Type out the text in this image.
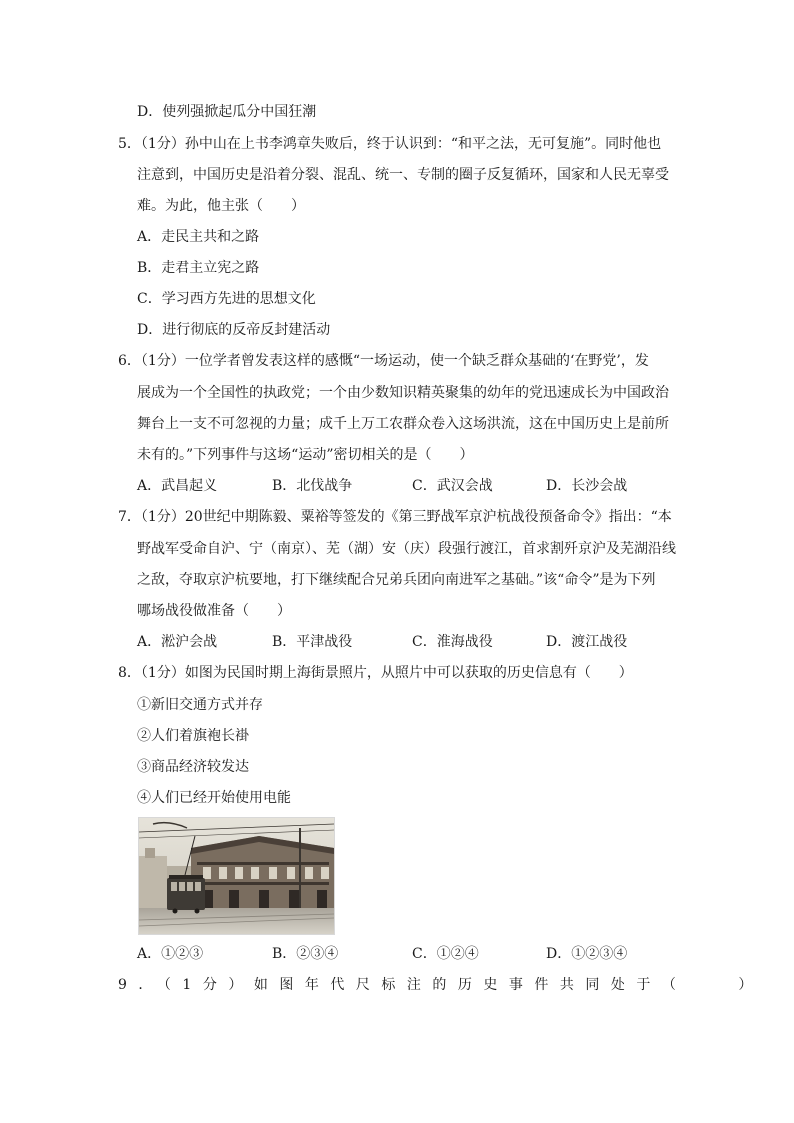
D．使列强掀起瓜分中国狂潮
5．（1分）孙中山在上书李鸿章失败后，终于认识到：“和平之法，无可复施”。同时他也
注意到，中国历史是沿着分裂、混乱、统一、专制的圈子反复循环，国家和人民无辜受
难。为此，他主张（　　）
A．走民主共和之路
B．走君主立宪之路
C．学习西方先进的思想文化
D．进行彻底的反帝反封建活动
6．（1分）一位学者曾发表这样的感慨“一场运动，使一个缺乏群众基础的‘在野党’，发
展成为一个全国性的执政党；一个由少数知识精英聚集的幼年的党迅速成长为中国政治
舞台上一支不可忽视的力量；成千上万工农群众卷入这场洪流，这在中国历史上是前所
未有的。”下列事件与这场“运动”密切相关的是（　　）
A．武昌起义	B．北伐战争	C．武汉会战	D．长沙会战
7．（1分）20世纪中期陈毅、粟裕等签发的《第三野战军京沪杭战役预备命令》指出：“本
野战军受命自沪、宁（南京）、芜（湖）安（庆）段强行渡江，首求割歼京沪及芜湖沿线
之敌，夺取京沪杭要地，打下继续配合兄弟兵团向南进军之基础。”该“命令”是为下列
哪场战役做准备（　　）
A．淞沪会战	B．平津战役	C．淮海战役	D．渡江战役
8．（1分）如图为民国时期上海街景照片，从照片中可以获取的历史信息有（　　）
①新旧交通方式并存
②人们着旗袍长褂
③商品经济较发达
④人们已经开始使用电能
A．①②③	B．②③④	C．①②④	D．①②③④
9．（1分）如图年代尺标注的历史事件共同处于（　　）
